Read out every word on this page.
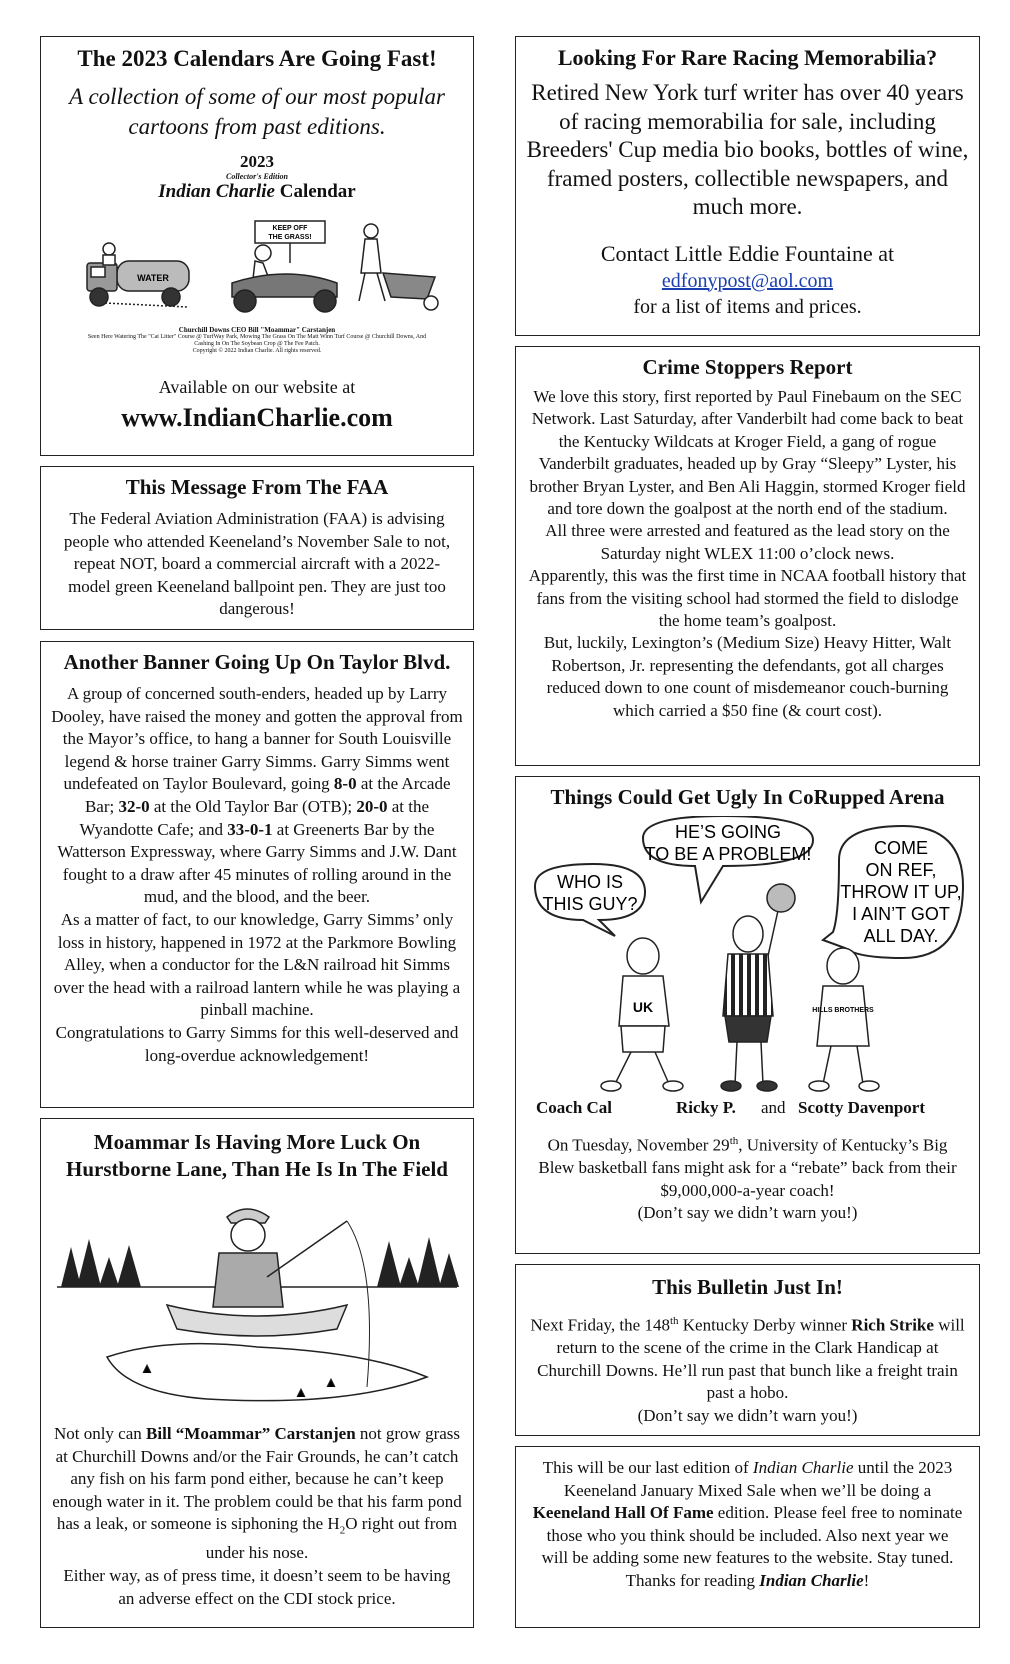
The 2023 Calendars Are Going Fast!

A collection of some of our most popular cartoons from past editions.

2023
Collector's Edition
Indian Charlie Calendar
WATER
KEEP OFF
THE GRASS!
Churchill Downs CEO Bill "Moammar" Carstanjen
Seen Here Watering The "Cat Litter" Course @ TurfWay Park, Mowing The Grass On The Matt Winn Turf Course @ Churchill Downs, And Cashing In On The Soybean Crop @ The Fee Patch.
Copyright © 2022 Indian Charlie. All rights reserved.

Available on our website at

www.IndianCharlie.com

This Message From The FAA

The Federal Aviation Administration (FAA) is advising people who attended Keeneland’s November Sale to not, repeat NOT, board a commercial aircraft with a 2022-model green Keeneland ballpoint pen. They are just too dangerous!

Another Banner Going Up On Taylor Blvd.

A group of concerned south-enders, headed up by Larry Dooley, have raised the money and gotten the approval from the Mayor’s office, to hang a banner for South Louisville legend & horse trainer Garry Simms. Garry Simms went undefeated on Taylor Boulevard, going 8-0 at the Arcade Bar; 32-0 at the Old Taylor Bar (OTB); 20-0 at the Wyandotte Cafe; and 33-0-1 at Greenerts Bar by the Watterson Expressway, where Garry Simms and J.W. Dant fought to a draw after 45 minutes of rolling around in the mud, and the blood, and the beer.

As a matter of fact, to our knowledge, Garry Simms’ only loss in history, happened in 1972 at the Parkmore Bowling Alley, when a conductor for the L&N railroad hit Simms over the head with a railroad lantern while he was playing a pinball machine.

Congratulations to Garry Simms for this well-deserved and long-overdue acknowledgement!

Moammar Is Having More Luck On Hurstborne Lane, Than He Is In The Field

Not only can Bill “Moammar” Carstanjen not grow grass at Churchill Downs and/or the Fair Grounds, he can’t catch any fish on his farm pond either, because he can’t keep enough water in it. The problem could be that his farm pond has a leak, or someone is siphoning the $H_2O$ right out from under his nose.

Either way, as of press time, it doesn’t seem to be having an adverse effect on the CDI stock price.

Looking For Rare Racing Memorabilia?

Retired New York turf writer has over 40 years of racing memorabilia for sale, including Breeders' Cup media bio books, bottles of wine, framed posters, collectible newspapers, and much more.

Contact Little Eddie Fountaine at

edfonypost@aol.com

for a list of items and prices.

Crime Stoppers Report

We love this story, first reported by Paul Finebaum on the SEC Network. Last Saturday, after Vanderbilt had come back to beat the Kentucky Wildcats at Kroger Field, a gang of rogue Vanderbilt graduates, headed up by Gray “Sleepy” Lyster, his brother Bryan Lyster, and Ben Ali Haggin, stormed Kroger field and tore down the goalpost at the north end of the stadium.

All three were arrested and featured as the lead story on the Saturday night WLEX 11:00 o’clock news.

Apparently, this was the first time in NCAA football history that fans from the visiting school had stormed the field to dislodge the home team’s goalpost.

But, luckily, Lexington’s (Medium Size) Heavy Hitter, Walt Robertson, Jr. representing the defendants, got all charges reduced down to one count of misdemeanor couch-burning which carried a $50 fine (& court cost).

Things Could Get Ugly In CoRupped Arena

WHO IS
THIS GUY?
HE’S GOING
TO BE A PROBLEM!	COME
ON REF,
THROW IT UP,
I AIN’T GOT
ALL DAY.
UK	HILLS BROTHERS
Coach Cal	Ricky P. and Scotty Davenport

On Tuesday, November 29th, University of Kentucky’s Big Blew basketball fans might ask for a “rebate” back from their $9,000,000-a-year coach!

(Don’t say we didn’t warn you!)

This Bulletin Just In!

Next Friday, the 148th Kentucky Derby winner Rich Strike will return to the scene of the crime in the Clark Handicap at Churchill Downs. He’ll run past that bunch like a freight train past a hobo.

(Don’t say we didn’t warn you!)

This will be our last edition of Indian Charlie until the 2023 Keeneland January Mixed Sale when we’ll be doing a Keeneland Hall Of Fame edition. Please feel free to nominate those who you think should be included. Also next year we will be adding some new features to the website. Stay tuned. Thanks for reading Indian Charlie!
